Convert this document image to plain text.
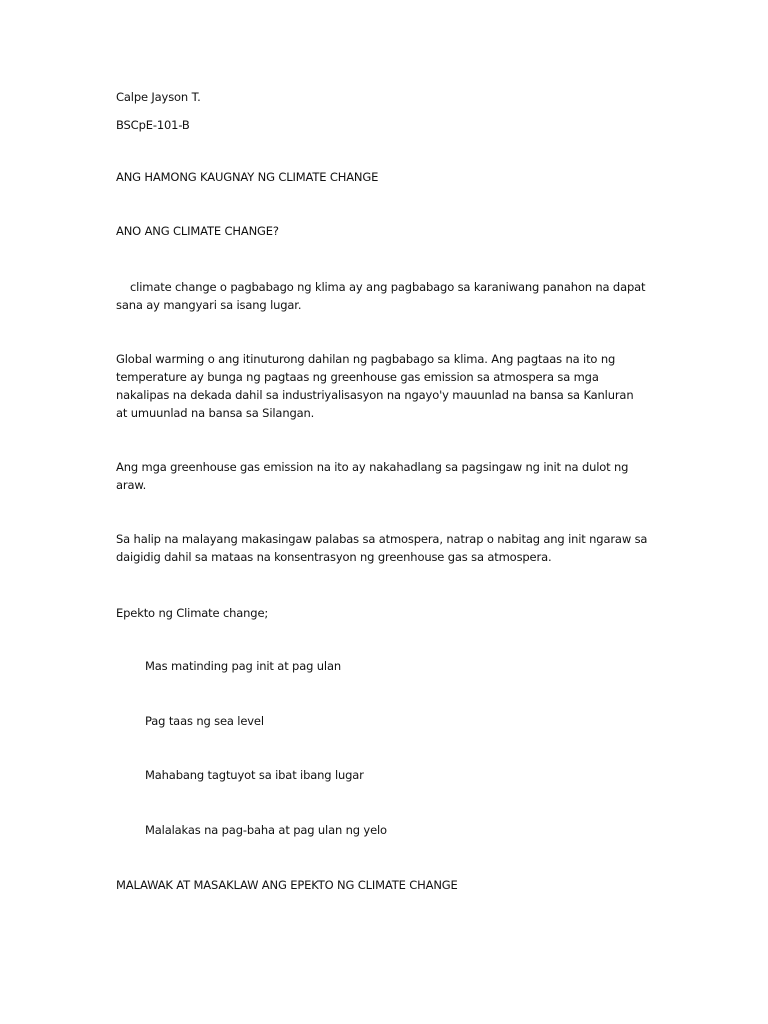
Calpe Jayson T.
BSCpE-101-B
ANG HAMONG KAUGNAY NG CLIMATE CHANGE
ANO ANG CLIMATE CHANGE?
climate change o pagbabago ng klima ay ang pagbabago sa karaniwang panahon na dapat
sana ay mangyari sa isang lugar.
Global warming o ang itinuturong dahilan ng pagbabago sa klima. Ang pagtaas na ito ng
temperature ay bunga ng pagtaas ng greenhouse gas emission sa atmospera sa mga
nakalipas na dekada dahil sa industriyalisasyon na ngayo'y mauunlad na bansa sa Kanluran
at umuunlad na bansa sa Silangan.
Ang mga greenhouse gas emission na ito ay nakahadlang sa pagsingaw ng init na dulot ng
araw.
Sa halip na malayang makasingaw palabas sa atmospera, natrap o nabitag ang init ngaraw sa
daigidig dahil sa mataas na konsentrasyon ng greenhouse gas sa atmospera.
Epekto ng Climate change;
Mas matinding pag init at pag ulan
Pag taas ng sea level
Mahabang tagtuyot sa ibat ibang lugar
Malalakas na pag-baha at pag ulan ng yelo
MALAWAK AT MASAKLAW ANG EPEKTO NG CLIMATE CHANGE
